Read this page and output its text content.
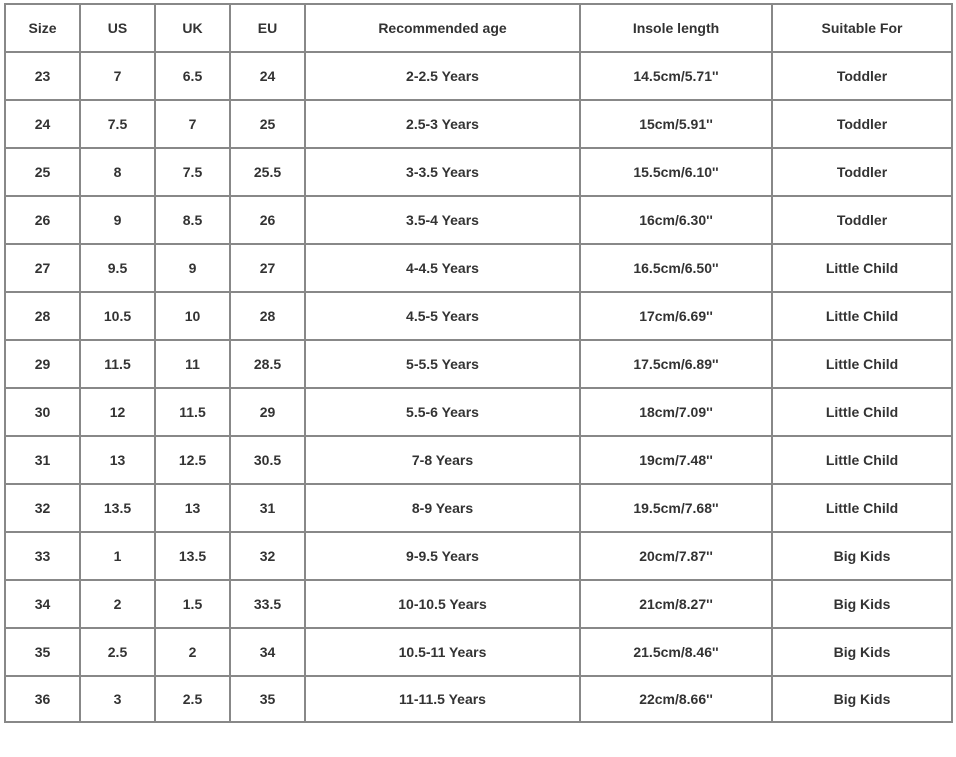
Size	US	UK	EU	Recommended age	Insole length	Suitable For
23	7	6.5	24	2-2.5 Years	14.5cm/5.71''	Toddler
24	7.5	7	25	2.5-3 Years	15cm/5.91''	Toddler
25	8	7.5	25.5	3-3.5 Years	15.5cm/6.10''	Toddler
26	9	8.5	26	3.5-4 Years	16cm/6.30''	Toddler
27	9.5	9	27	4-4.5 Years	16.5cm/6.50''	Little Child
28	10.5	10	28	4.5-5 Years	17cm/6.69''	Little Child
29	11.5	11	28.5	5-5.5 Years	17.5cm/6.89''	Little Child
30	12	11.5	29	5.5-6 Years	18cm/7.09''	Little Child
31	13	12.5	30.5	7-8 Years	19cm/7.48''	Little Child
32	13.5	13	31	8-9 Years	19.5cm/7.68''	Little Child
33	1	13.5	32	9-9.5 Years	20cm/7.87''	Big Kids
34	2	1.5	33.5	10-10.5 Years	21cm/8.27''	Big Kids
35	2.5	2	34	10.5-11 Years	21.5cm/8.46''	Big Kids
36	3	2.5	35	11-11.5 Years	22cm/8.66''	Big Kids
